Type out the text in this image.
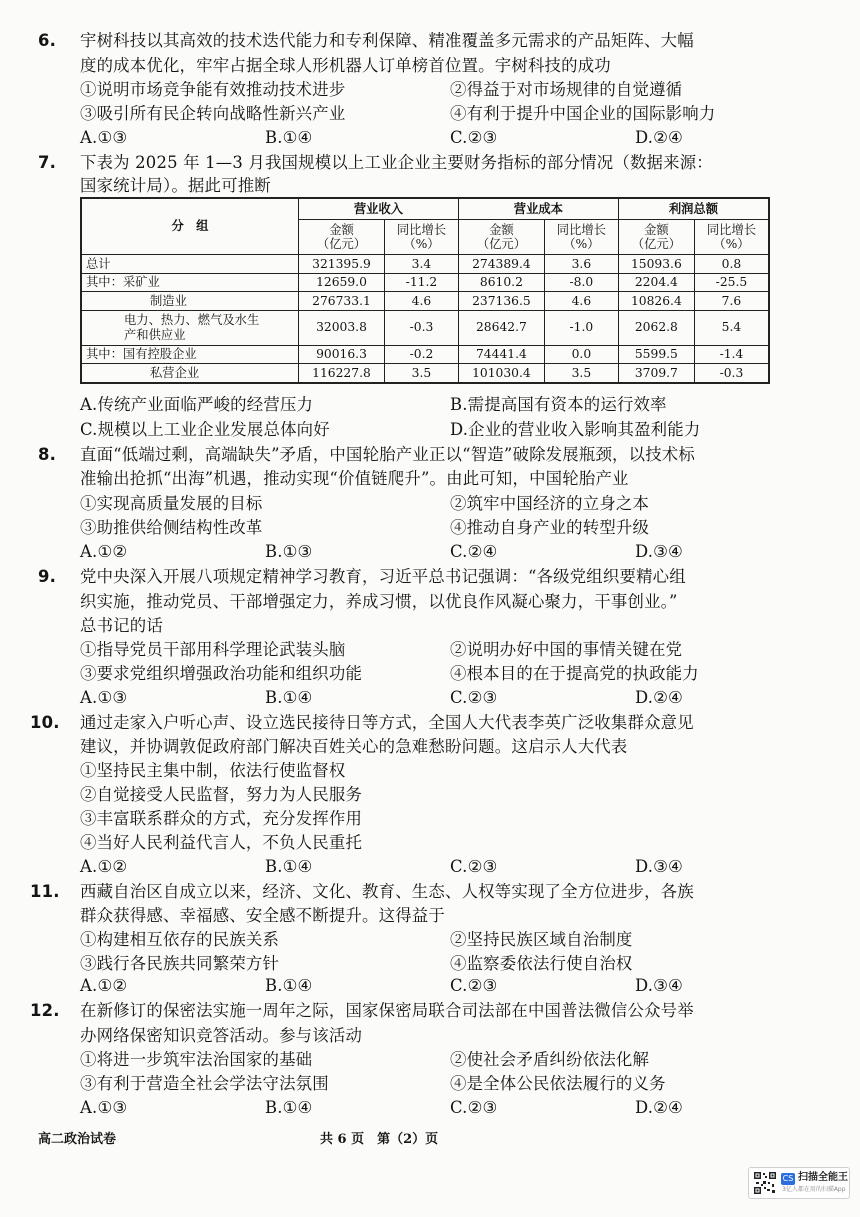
6. 宇树科技以其高效的技术迭代能力和专利保障、精准覆盖多元需求的产品矩阵、大幅
度的成本优化，牢牢占据全球人形机器人订单榜首位置。宇树科技的成功
①说明市场竞争能有效推动技术进步	②得益于对市场规律的自觉遵循
③吸引所有民企转向战略性新兴产业	④有利于提升中国企业的国际影响力
A.①③	B.①④	C.②③	D.②④
7. 下表为 2025 年 1—3 月我国规模以上工业企业主要财务指标的部分情况（数据来源：
国家统计局）。据此可推断
分　组	营业收入		营业成本		利润总额	
	金额
（亿元）	同比增长
（%）	金额
（亿元）	同比增长
（%）	金额
（亿元）	同比增长
（%）
总计	321395.9	3.4	274389.4	3.6	15093.6	0.8
其中：采矿业	12659.0	-11.2	8610.2	-8.0	2204.4	-25.5
制造业	276733.1	4.6	237136.5	4.6	10826.4	7.6
电力、热力、燃气及水生
产和供应业	32003.8	-0.3	28642.7	-1.0	2062.8	5.4
其中：国有控股企业	90016.3	-0.2	74441.4	0.0	5599.5	-1.4
私营企业	116227.8	3.5	101030.4	3.5	3709.7	-0.3
A.传统产业面临严峻的经营压力	B.需提高国有资本的运行效率
C.规模以上工业企业发展总体向好	D.企业的营业收入影响其盈利能力
8. 直面“低端过剩，高端缺失”矛盾，中国轮胎产业正以“智造”破除发展瓶颈，以技术标
准输出抢抓“出海”机遇，推动实现“价值链爬升”。由此可知，中国轮胎产业
①实现高质量发展的目标	②筑牢中国经济的立身之本
③助推供给侧结构性改革	④推动自身产业的转型升级
A.①②	B.①③	C.②④	D.③④
9. 党中央深入开展八项规定精神学习教育，习近平总书记强调：“各级党组织要精心组
织实施，推动党员、干部增强定力，养成习惯，以优良作风凝心聚力，干事创业。”
总书记的话
①指导党员干部用科学理论武装头脑	②说明办好中国的事情关键在党
③要求党组织增强政治功能和组织功能	④根本目的在于提高党的执政能力
A.①③	B.①④	C.②③	D.②④
10. 通过走家入户听心声、设立选民接待日等方式，全国人大代表李英广泛收集群众意见
建议，并协调敦促政府部门解决百姓关心的急难愁盼问题。这启示人大代表
①坚持民主集中制，依法行使监督权
②自觉接受人民监督，努力为人民服务
③丰富联系群众的方式，充分发挥作用
④当好人民利益代言人，不负人民重托
A.①②	B.①④	C.②③	D.③④
11. 西藏自治区自成立以来，经济、文化、教育、生态、人权等实现了全方位进步，各族
群众获得感、幸福感、安全感不断提升。这得益于
①构建相互依存的民族关系	②坚持民族区域自治制度
③践行各民族共同繁荣方针	④监察委依法行使自治权
A.①②	B.①④	C.②③	D.③④
12. 在新修订的保密法实施一周年之际，国家保密局联合司法部在中国普法微信公众号举
办网络保密知识竞答活动。参与该活动
①将进一步筑牢法治国家的基础	②使社会矛盾纠纷依法化解
③有利于营造全社会学法守法氛围	④是全体公民依法履行的义务
A.①③	B.①④	C.②③	D.②④
高二政治试卷	共 6 页　第（2）页
CS 扫描全能王
3亿人都在用的扫描App
